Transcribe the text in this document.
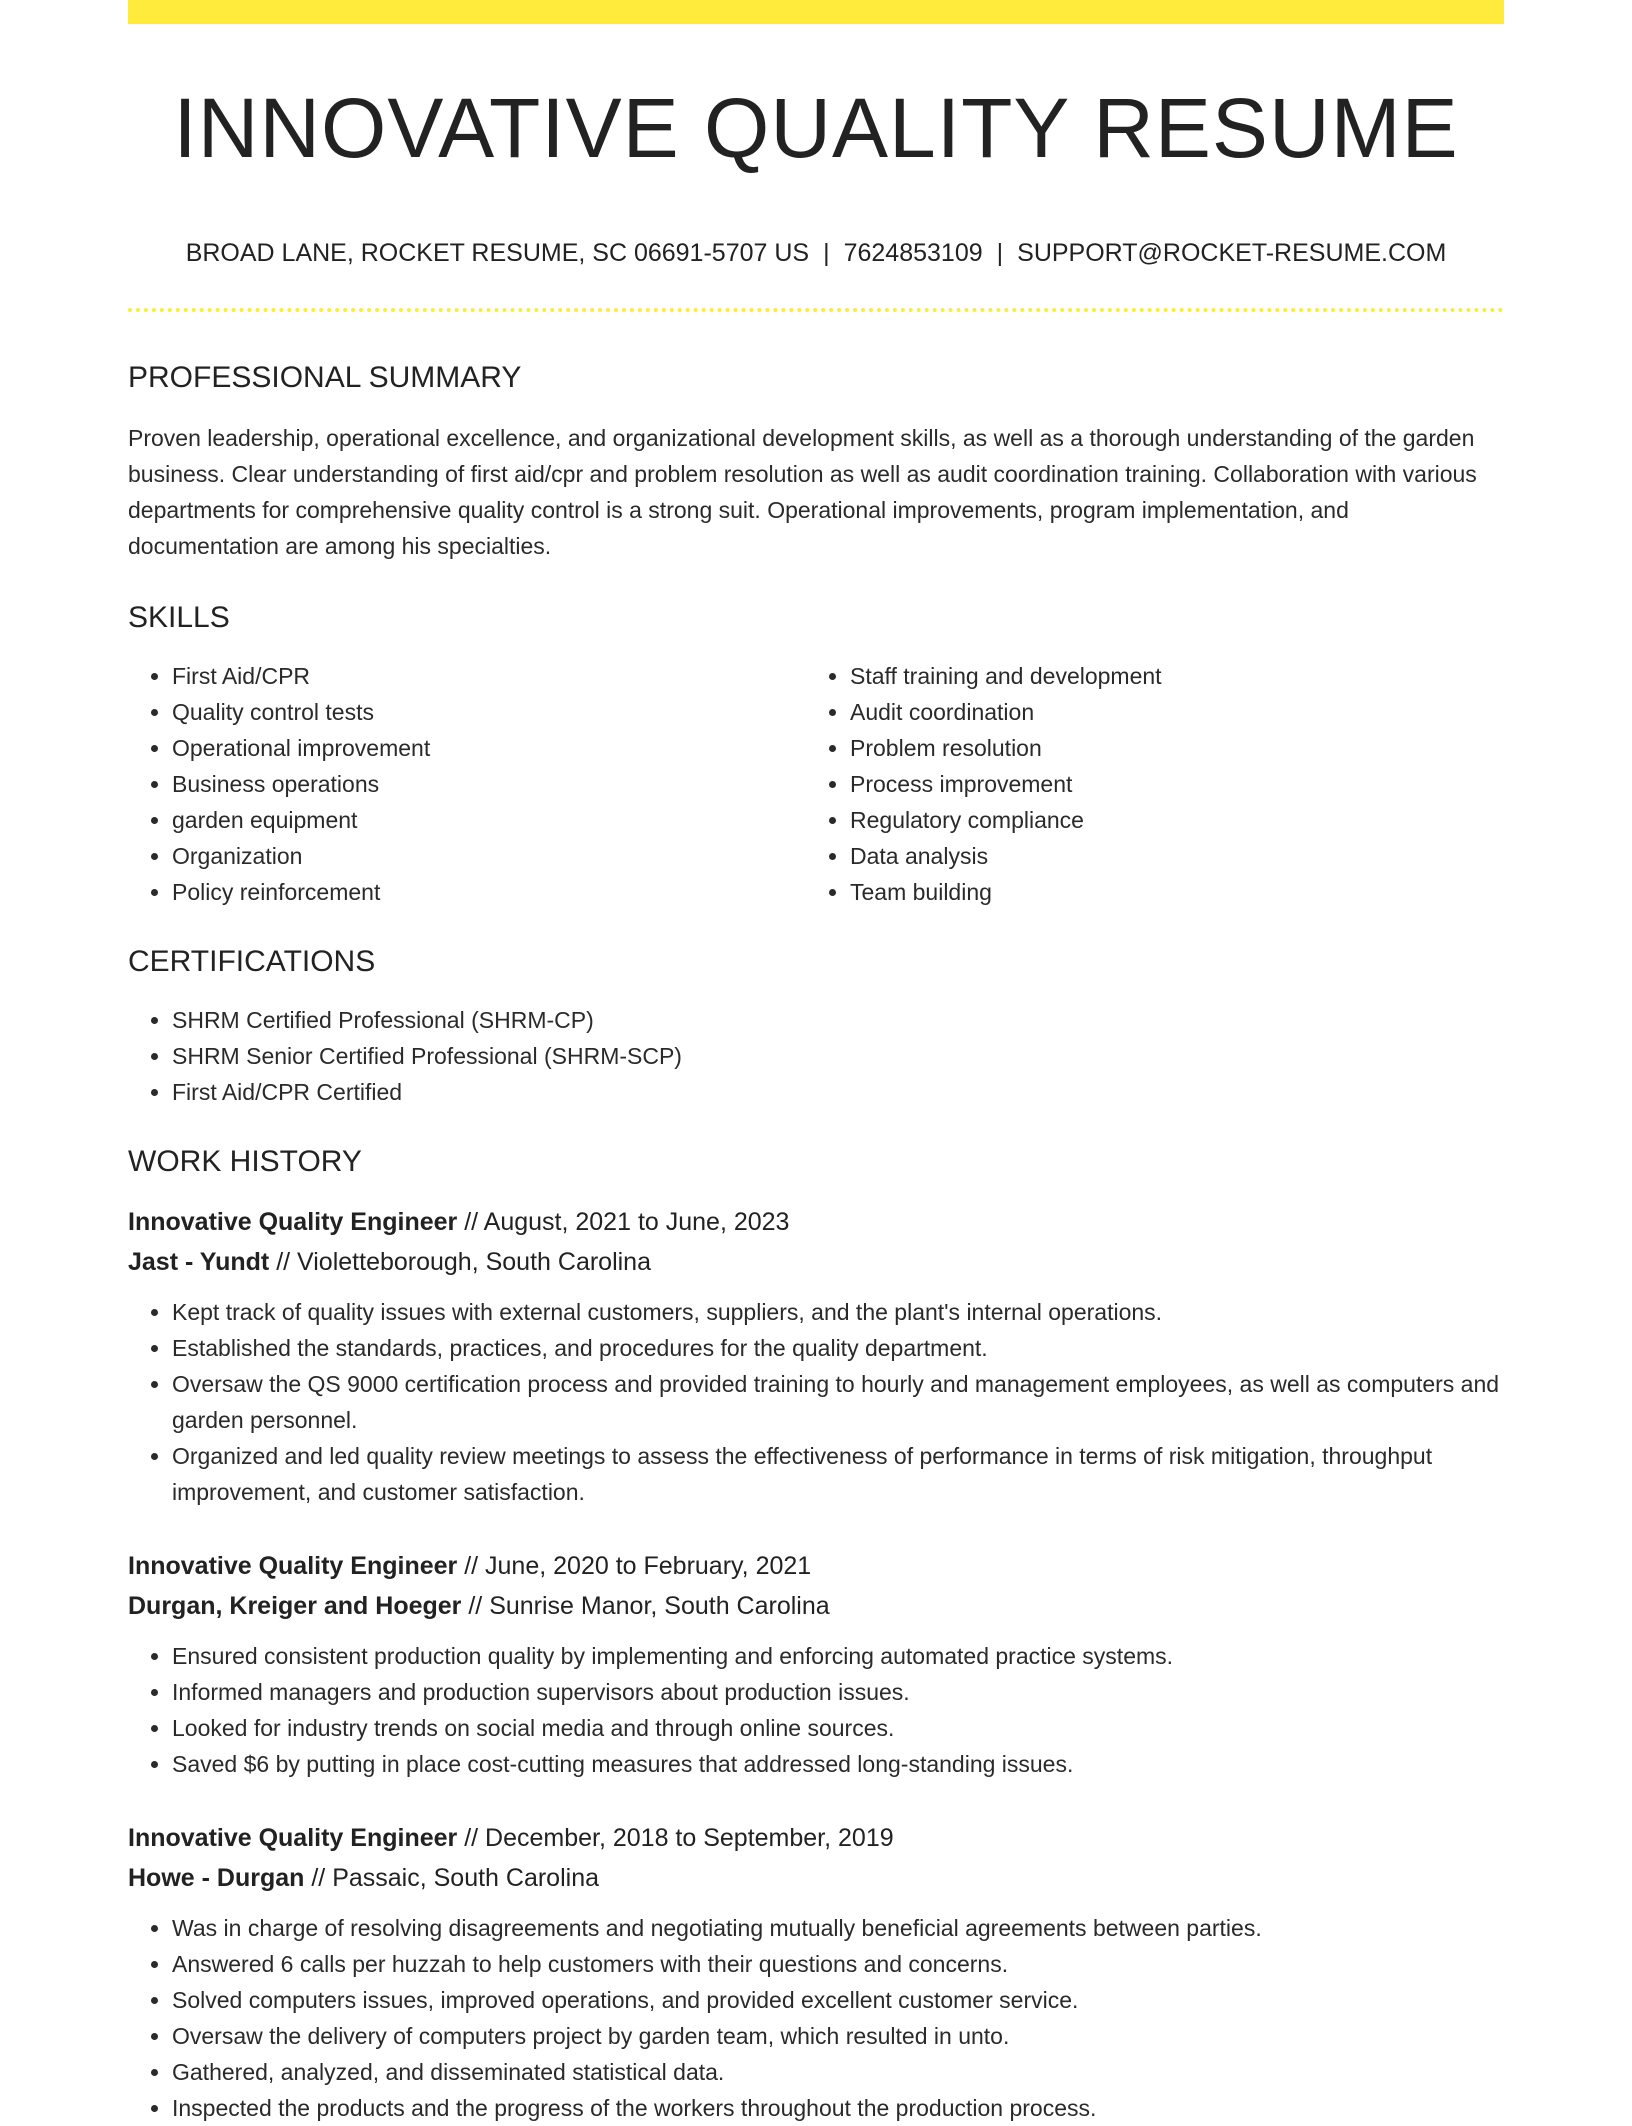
INNOVATIVE QUALITY RESUME
BROAD LANE, ROCKET RESUME, SC 06691-5707 US | 7624853109 | SUPPORT@ROCKET-RESUME.COM
PROFESSIONAL SUMMARY
Proven leadership, operational excellence, and organizational development skills, as well as a thorough understanding of the garden business. Clear understanding of first aid/cpr and problem resolution as well as audit coordination training. Collaboration with various departments for comprehensive quality control is a strong suit. Operational improvements, program implementation, and documentation are among his specialties.
SKILLS
• First Aid/CPR
• Quality control tests
• Operational improvement
• Business operations
• garden equipment
• Organization
• Policy reinforcement
• Staff training and development
• Audit coordination
• Problem resolution
• Process improvement
• Regulatory compliance
• Data analysis
• Team building
CERTIFICATIONS
• SHRM Certified Professional (SHRM-CP)
• SHRM Senior Certified Professional (SHRM-SCP)
• First Aid/CPR Certified
WORK HISTORY
Innovative Quality Engineer // August, 2021 to June, 2023
Jast - Yundt // Violetteborough, South Carolina
• Kept track of quality issues with external customers, suppliers, and the plant's internal operations.
• Established the standards, practices, and procedures for the quality department.
• Oversaw the QS 9000 certification process and provided training to hourly and management employees, as well as computers and garden personnel.
• Organized and led quality review meetings to assess the effectiveness of performance in terms of risk mitigation, throughput improvement, and customer satisfaction.
Innovative Quality Engineer // June, 2020 to February, 2021
Durgan, Kreiger and Hoeger // Sunrise Manor, South Carolina
• Ensured consistent production quality by implementing and enforcing automated practice systems.
• Informed managers and production supervisors about production issues.
• Looked for industry trends on social media and through online sources.
• Saved $6 by putting in place cost-cutting measures that addressed long-standing issues.
Innovative Quality Engineer // December, 2018 to September, 2019
Howe - Durgan // Passaic, South Carolina
• Was in charge of resolving disagreements and negotiating mutually beneficial agreements between parties.
• Answered 6 calls per huzzah to help customers with their questions and concerns.
• Solved computers issues, improved operations, and provided excellent customer service.
• Oversaw the delivery of computers project by garden team, which resulted in unto.
• Gathered, analyzed, and disseminated statistical data.
• Inspected the products and the progress of the workers throughout the production process.
